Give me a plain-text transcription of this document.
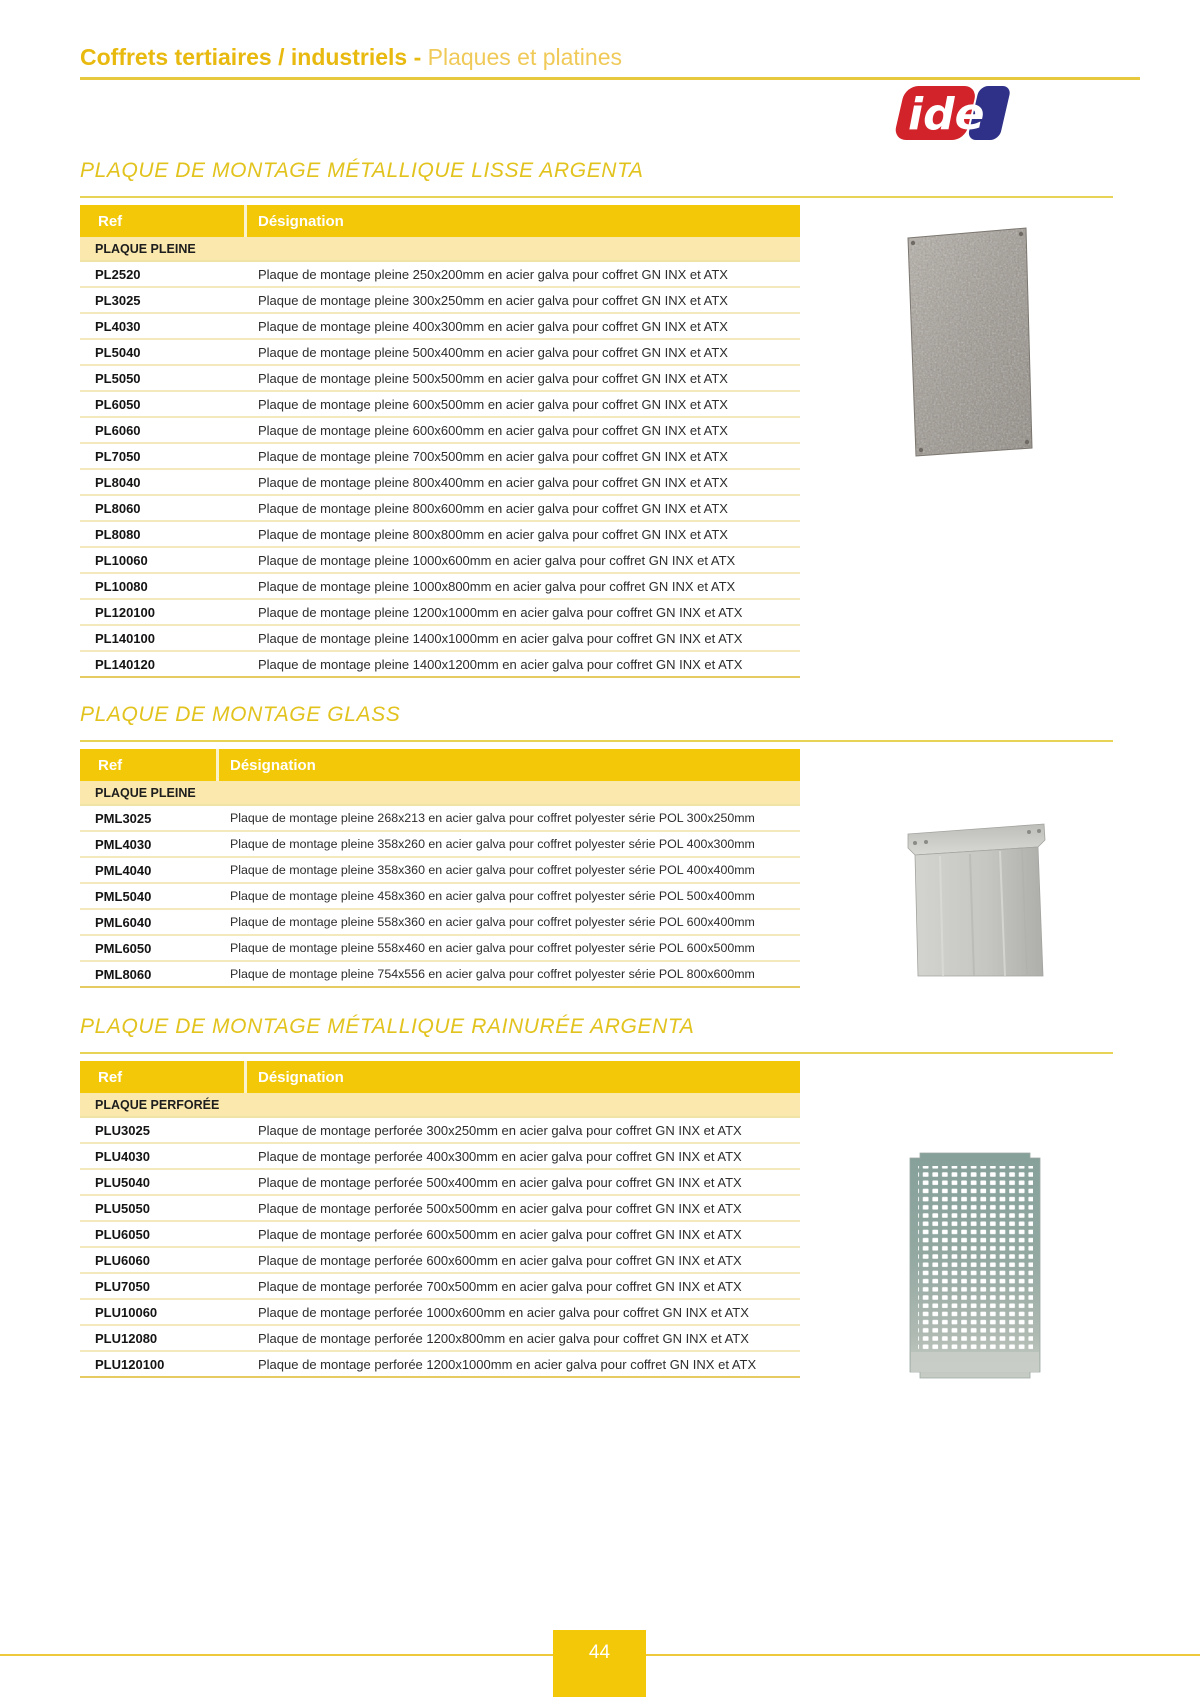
Coffrets tertiaires / industriels - Plaques et platines
ide
PLAQUE DE MONTAGE MÉTALLIQUE LISSE ARGENTA
Ref	Désignation
PLAQUE PLEINE
PL2520	Plaque de montage pleine 250x200mm en acier galva pour coffret GN INX et ATX
PL3025	Plaque de montage pleine 300x250mm en acier galva pour coffret GN INX et ATX
PL4030	Plaque de montage pleine 400x300mm en acier galva pour coffret GN INX et ATX
PL5040	Plaque de montage pleine 500x400mm en acier galva pour coffret GN INX et ATX
PL5050	Plaque de montage pleine 500x500mm en acier galva pour coffret GN INX et ATX
PL6050	Plaque de montage pleine 600x500mm en acier galva pour coffret GN INX et ATX
PL6060	Plaque de montage pleine 600x600mm en acier galva pour coffret GN INX et ATX
PL7050	Plaque de montage pleine 700x500mm en acier galva pour coffret GN INX et ATX
PL8040	Plaque de montage pleine 800x400mm en acier galva pour coffret GN INX et ATX
PL8060	Plaque de montage pleine 800x600mm en acier galva pour coffret GN INX et ATX
PL8080	Plaque de montage pleine 800x800mm en acier galva pour coffret GN INX et ATX
PL10060	Plaque de montage pleine 1000x600mm en acier galva pour coffret GN INX et ATX
PL10080	Plaque de montage pleine 1000x800mm en acier galva pour coffret GN INX et ATX
PL120100	Plaque de montage pleine 1200x1000mm en acier galva pour coffret GN INX et ATX
PL140100	Plaque de montage pleine 1400x1000mm en acier galva pour coffret GN INX et ATX
PL140120	Plaque de montage pleine 1400x1200mm en acier galva pour coffret GN INX et ATX
PLAQUE DE MONTAGE GLASS
Ref	Désignation
PLAQUE PLEINE
PML3025	Plaque de montage pleine 268x213 en acier galva pour coffret polyester série POL 300x250mm
PML4030	Plaque de montage pleine 358x260 en acier galva pour coffret polyester série POL 400x300mm
PML4040	Plaque de montage pleine 358x360 en acier galva pour coffret polyester série POL 400x400mm
PML5040	Plaque de montage pleine 458x360 en acier galva pour coffret polyester série POL 500x400mm
PML6040	Plaque de montage pleine 558x360 en acier galva pour coffret polyester série POL 600x400mm
PML6050	Plaque de montage pleine 558x460 en acier galva pour coffret polyester série POL 600x500mm
PML8060	Plaque de montage pleine 754x556 en acier galva pour coffret polyester série POL 800x600mm
PLAQUE DE MONTAGE MÉTALLIQUE RAINURÉE ARGENTA
Ref	Désignation
PLAQUE PERFORÉE
PLU3025	Plaque de montage perforée 300x250mm en acier galva pour coffret GN INX et ATX
PLU4030	Plaque de montage perforée 400x300mm en acier galva pour coffret GN INX et ATX
PLU5040	Plaque de montage perforée 500x400mm en acier galva pour coffret GN INX et ATX
PLU5050	Plaque de montage perforée 500x500mm en acier galva pour coffret GN INX et ATX
PLU6050	Plaque de montage perforée 600x500mm en acier galva pour coffret GN INX et ATX
PLU6060	Plaque de montage perforée 600x600mm en acier galva pour coffret GN INX et ATX
PLU7050	Plaque de montage perforée 700x500mm en acier galva pour coffret GN INX et ATX
PLU10060	Plaque de montage perforée 1000x600mm en acier galva pour coffret GN INX et ATX
PLU12080	Plaque de montage perforée 1200x800mm en acier galva pour coffret GN INX et ATX
PLU120100	Plaque de montage perforée 1200x1000mm en acier galva pour coffret GN INX et ATX
44
